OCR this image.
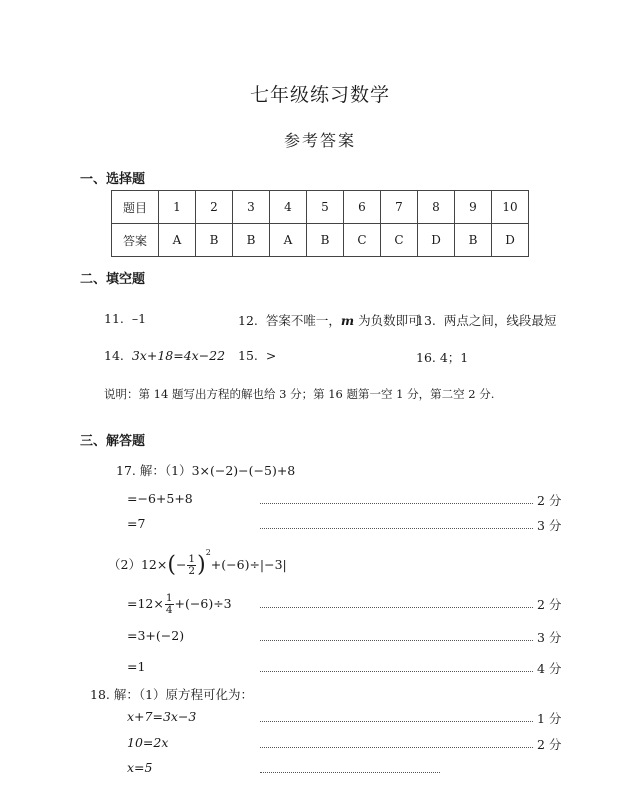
七年级练习数学
参考答案
一、选择题
题目	1	2	3	4	5	6	7	8	9	10
答案	A	B	B	A	B	C	C	D	B	D
二、填空题
11. –1	12. 答案不唯一，m 为负数即可
13. 两点之间，线段最短
14. 3x+18=4x−22 15. >	16. 4；1
说明：第 14 题写出方程的解也给 3 分；第 16 题第一空 1 分，第二空 2 分.
三、解答题
17. 解：（1）3×(−2)−(−5)+8
=−6+5+8	2 分
=7	3 分
$(2)12\times(- \frac{1}{2} )^2+(-6)\div|-3|$
$=12\times \frac{1}{4} +(-6)\div 3$	2 分
=3+(−2)	3 分
=1	4 分
18. 解：（1）原方程可化为：
x+7=3x−3	1 分
10=2x	2 分
x=5
